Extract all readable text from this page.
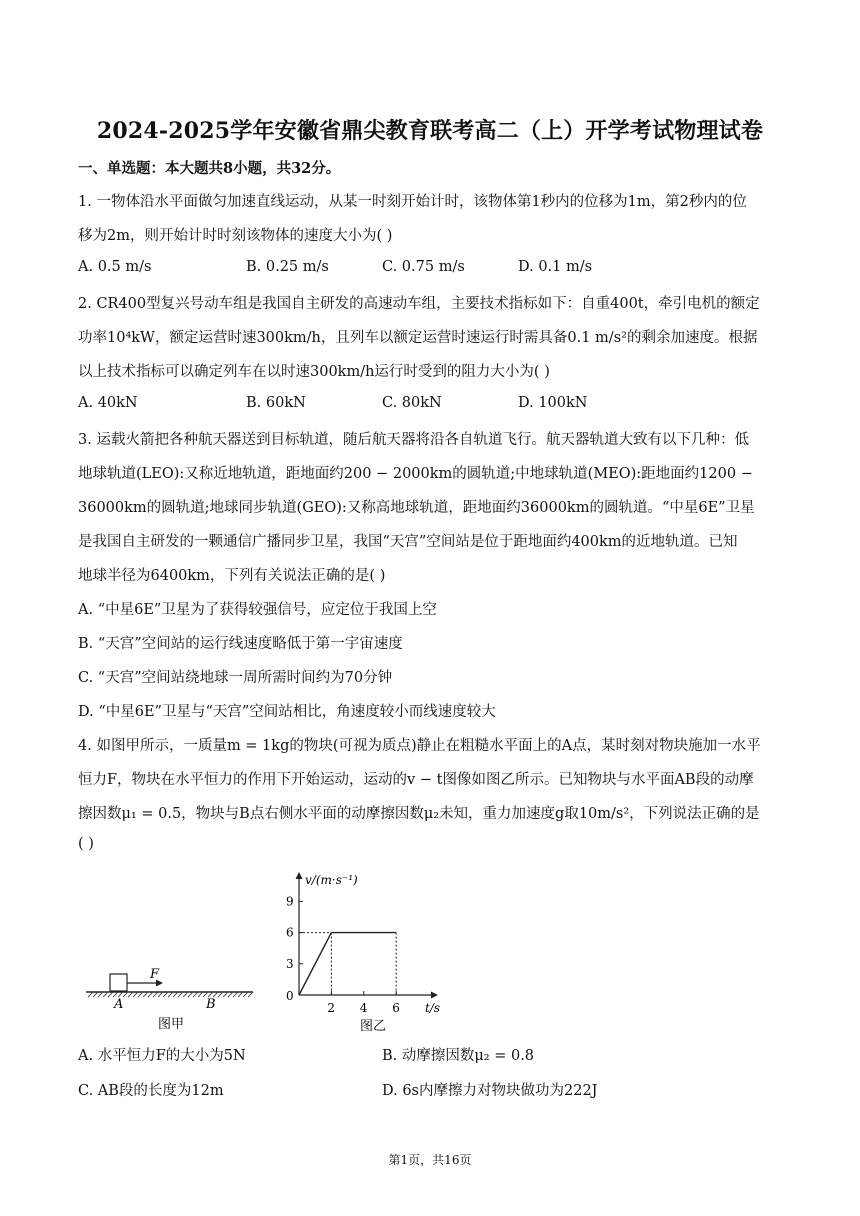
2024-2025学年安徽省鼎尖教育联考高二（上）开学考试物理试卷
一、单选题：本大题共8小题，共32分。
1. 一物体沿水平面做匀加速直线运动，从某一时刻开始计时，该物体第1秒内的位移为1m，第2秒内的位
移为2m，则开始计时时刻该物体的速度大小为( )
A. 0.5 m/s	B. 0.25 m/s	C. 0.75 m/s	D. 0.1 m/s
2. CR400型复兴号动车组是我国自主研发的高速动车组，主要技术指标如下：自重400t，牵引电机的额定
功率10⁴kW，额定运营时速300km/h，且列车以额定运营时速运行时需具备0.1 m/s²的剩余加速度。根据
以上技术指标可以确定列车在以时速300km/h运行时受到的阻力大小为( )
A. 40kN	B. 60kN	C. 80kN	D. 100kN
3. 运载火箭把各种航天器送到目标轨道，随后航天器将沿各自轨道飞行。航天器轨道大致有以下几种：低
地球轨道(LEO):又称近地轨道，距地面约200 − 2000km的圆轨道;中地球轨道(MEO):距地面约1200 −
36000km的圆轨道;地球同步轨道(GEO):又称高地球轨道，距地面约36000km的圆轨道。“中星6E”卫星
是我国自主研发的一颗通信广播同步卫星，我国“天宫”空间站是位于距地面约400km的近地轨道。已知
地球半径为6400km，下列有关说法正确的是( )
A. “中星6E”卫星为了获得较强信号，应定位于我国上空
B. “天宫”空间站的运行线速度略低于第一宇宙速度
C. “天宫”空间站绕地球一周所需时间约为70分钟
D. “中星6E”卫星与“天宫”空间站相比，角速度较小而线速度较大
4. 如图甲所示，一质量m = 1kg的物块(可视为质点)静止在粗糙水平面上的A点，某时刻对物块施加一水平
恒力F，物块在水平恒力的作用下开始运动，运动的v − t图像如图乙所示。已知物块与水平面AB段的动摩
擦因数μ₁ = 0.5，物块与B点右侧水平面的动摩擦因数μ₂未知，重力加速度g取10m/s²，下列说法正确的是
( )
F
A	B
图甲
v/(m·s⁻¹)
t/s
0
2 4 6
3
6
9
图乙
A. 水平恒力F的大小为5N	B. 动摩擦因数μ₂ = 0.8
C. AB段的长度为12m	D. 6s内摩擦力对物块做功为222J
第1页，共16页
